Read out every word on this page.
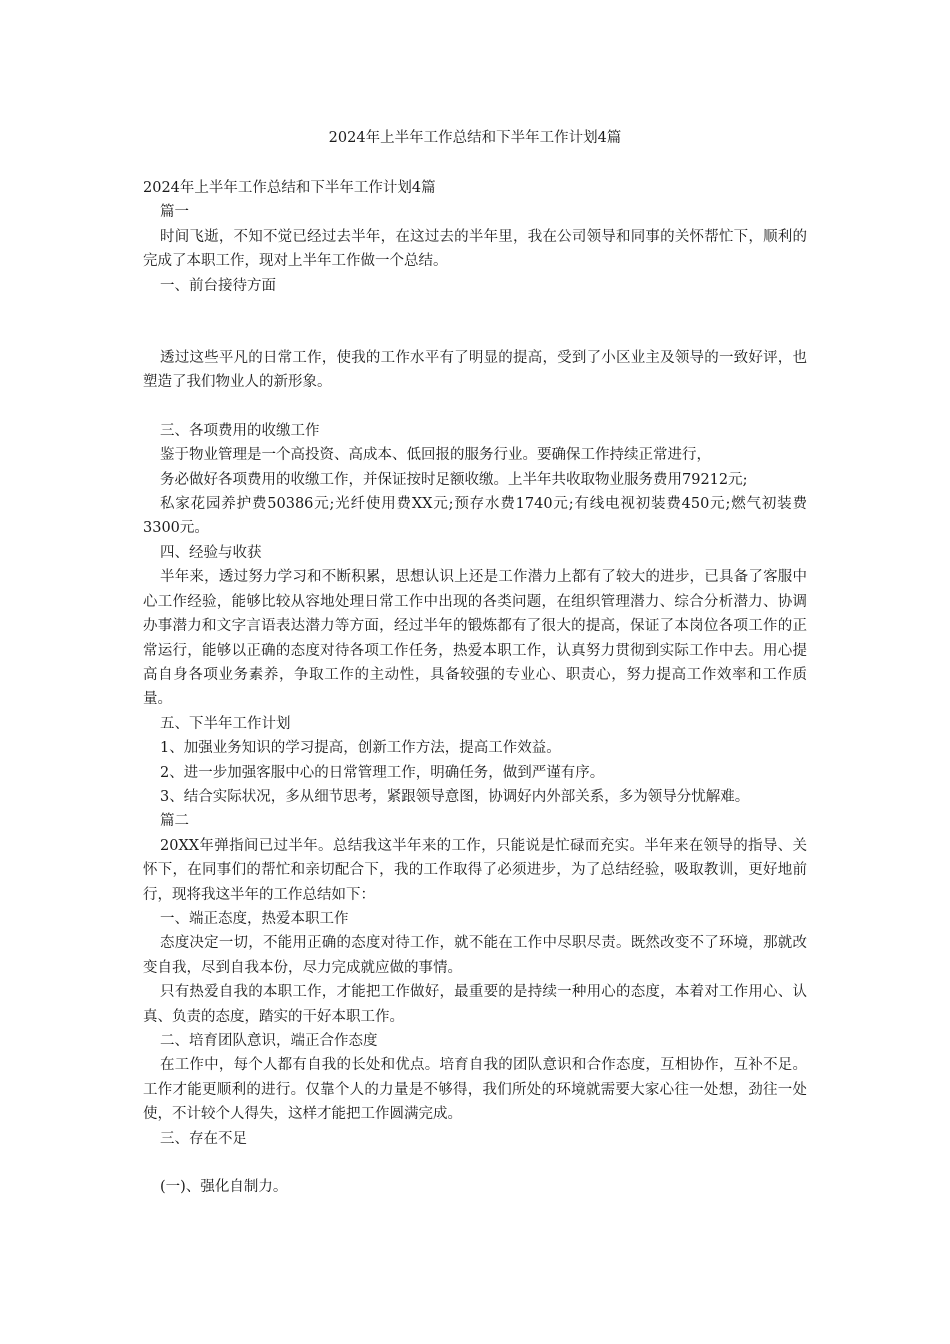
2024年上半年工作总结和下半年工作计划4篇

2024年上半年工作总结和下半年工作计划4篇

篇一

时间飞逝，不知不觉已经过去半年，在这过去的半年里，我在公司领导和同事的关怀帮忙下，顺利的完成了本职工作，现对上半年工作做一个总结。

一、前台接待方面

透过这些平凡的日常工作，使我的工作水平有了明显的提高，受到了小区业主及领导的一致好评，也塑造了我们物业人的新形象。

三、各项费用的收缴工作

鉴于物业管理是一个高投资、高成本、低回报的服务行业。要确保工作持续正常进行，

务必做好各项费用的收缴工作，并保证按时足额收缴。上半年共收取物业服务费用79212元;

私家花园养护费50386元;光纤使用费XX元;预存水费1740元;有线电视初装费450元;燃气初装费3300元。

四、经验与收获

半年来，透过努力学习和不断积累，思想认识上还是工作潜力上都有了较大的进步，已具备了客服中心工作经验，能够比较从容地处理日常工作中出现的各类问题，在组织管理潜力、综合分析潜力、协调办事潜力和文字言语表达潜力等方面，经过半年的锻炼都有了很大的提高，保证了本岗位各项工作的正常运行，能够以正确的态度对待各项工作任务，热爱本职工作，认真努力贯彻到实际工作中去。用心提高自身各项业务素养，争取工作的主动性，具备较强的专业心、职责心，努力提高工作效率和工作质量。

五、下半年工作计划

1、加强业务知识的学习提高，创新工作方法，提高工作效益。

2、进一步加强客服中心的日常管理工作，明确任务，做到严谨有序。

3、结合实际状况，多从细节思考，紧跟领导意图，协调好内外部关系，多为领导分忧解难。

篇二

20XX年弹指间已过半年。总结我这半年来的工作，只能说是忙碌而充实。半年来在领导的指导、关怀下，在同事们的帮忙和亲切配合下，我的工作取得了必须进步，为了总结经验，吸取教训，更好地前行，现将我这半年的工作总结如下：

一、端正态度，热爱本职工作

态度决定一切，不能用正确的态度对待工作，就不能在工作中尽职尽责。既然改变不了环境，那就改变自我，尽到自我本份，尽力完成就应做的事情。

只有热爱自我的本职工作，才能把工作做好，最重要的是持续一种用心的态度，本着对工作用心、认真、负责的态度，踏实的干好本职工作。

二、培育团队意识，端正合作态度

在工作中，每个人都有自我的长处和优点。培育自我的团队意识和合作态度，互相协作，互补不足。工作才能更顺利的进行。仅靠个人的力量是不够得，我们所处的环境就需要大家心往一处想，劲往一处使，不计较个人得失，这样才能把工作圆满完成。

三、存在不足

(一)、强化自制力。
